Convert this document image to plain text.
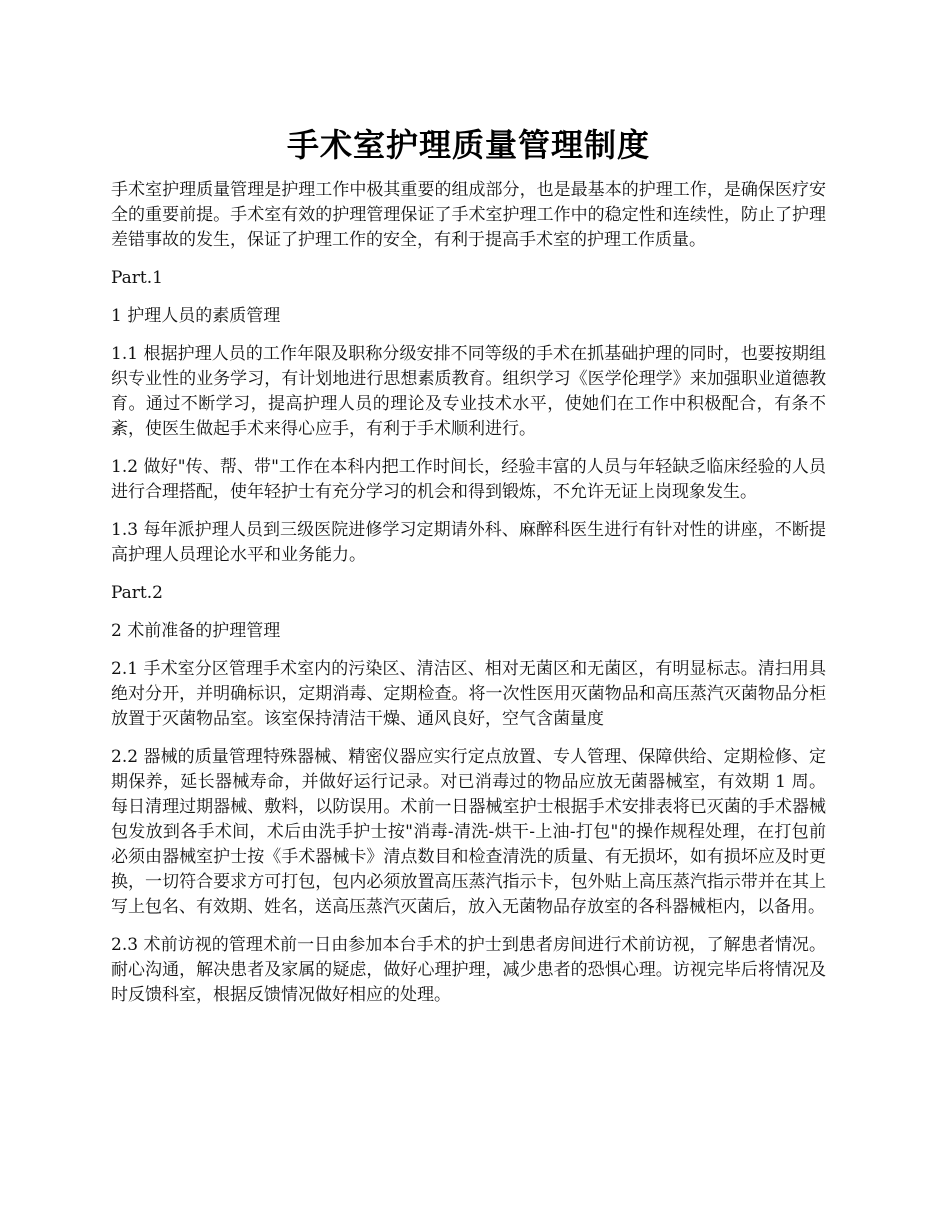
手术室护理质量管理制度

手术室护理质量管理是护理工作中极其重要的组成部分，也是最基本的护理工作，是确保医疗安全的重要前提。手术室有效的护理管理保证了手术室护理工作中的稳定性和连续性，防止了护理差错事故的发生，保证了护理工作的安全，有利于提高手术室的护理工作质量。

Part.1

1 护理人员的素质管理

1.1 根据护理人员的工作年限及职称分级安排不同等级的手术在抓基础护理的同时，也要按期组织专业性的业务学习，有计划地进行思想素质教育。组织学习《医学伦理学》来加强职业道德教育。通过不断学习，提高护理人员的理论及专业技术水平，使她们在工作中积极配合，有条不紊，使医生做起手术来得心应手，有利于手术顺利进行。

1.2 做好"传、帮、带"工作在本科内把工作时间长，经验丰富的人员与年轻缺乏临床经验的人员进行合理搭配，使年轻护士有充分学习的机会和得到锻炼，不允许无证上岗现象发生。

1.3 每年派护理人员到三级医院进修学习定期请外科、麻醉科医生进行有针对性的讲座，不断提高护理人员理论水平和业务能力。

Part.2

2 术前准备的护理管理

2.1 手术室分区管理手术室内的污染区、清洁区、相对无菌区和无菌区，有明显标志。清扫用具绝对分开，并明确标识，定期消毒、定期检查。将一次性医用灭菌物品和高压蒸汽灭菌物品分柜放置于灭菌物品室。该室保持清洁干燥、通风良好，空气含菌量度

2.2 器械的质量管理特殊器械、精密仪器应实行定点放置、专人管理、保障供给、定期检修、定期保养，延长器械寿命，并做好运行记录。对已消毒过的物品应放无菌器械室，有效期 1 周。每日清理过期器械、敷料，以防误用。术前一日器械室护士根据手术安排表将已灭菌的手术器械包发放到各手术间，术后由洗手护士按"消毒-清洗-烘干-上油-打包"的操作规程处理，在打包前必须由器械室护士按《手术器械卡》清点数目和检查清洗的质量、有无损坏，如有损坏应及时更换，一切符合要求方可打包，包内必须放置高压蒸汽指示卡，包外贴上高压蒸汽指示带并在其上写上包名、有效期、姓名，送高压蒸汽灭菌后，放入无菌物品存放室的各科器械柜内，以备用。

2.3 术前访视的管理术前一日由参加本台手术的护士到患者房间进行术前访视，了解患者情况。耐心沟通，解决患者及家属的疑虑，做好心理护理，减少患者的恐惧心理。访视完毕后将情况及时反馈科室，根据反馈情况做好相应的处理。
